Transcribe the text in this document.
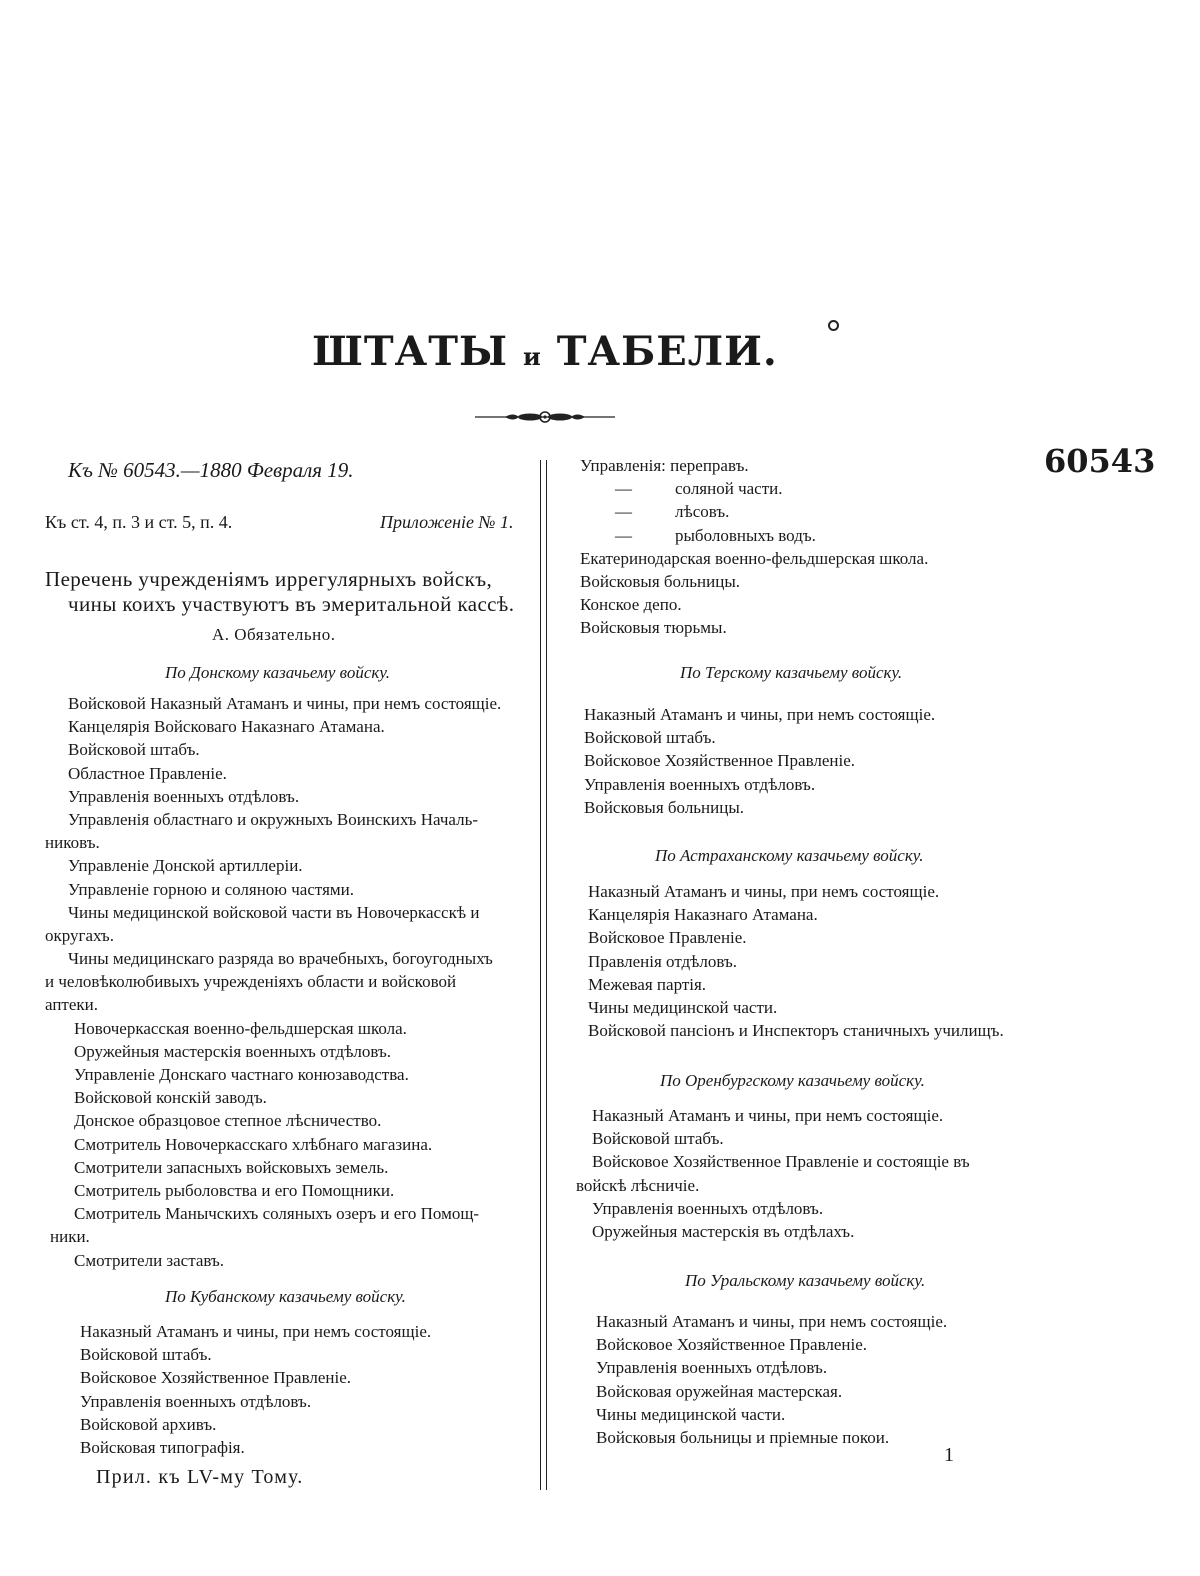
ШТАТЫ и ТАБЕЛИ.
60543
Къ № 60543.—1880 Февраля 19.
Къ ст. 4, п. 3 и ст. 5, п. 4.	Приложеніе № 1.
Перечень учрежденіямъ иррегулярныхъ войскъ,
чины коихъ участвуютъ въ эмеритальной кассѣ.
А. Обязательно.
По Донскому казачьему войску.
Войсковой Наказный Атаманъ и чины, при немъ состоящіе.
Канцелярія Войсковаго Наказнаго Атамана.
Войсковой штабъ.
Областное Правленіе.
Управленія военныхъ отдѣловъ.
Управленія областнаго и окружныхъ Воинскихъ Началь-
никовъ.
Управленіе Донской артиллеріи.
Управленіе горною и соляною частями.
Чины медицинской войсковой части въ Новочеркасскѣ и
округахъ.
Чины медицинскаго разряда во врачебныхъ, богоугодныхъ
и человѣколюбивыхъ учрежденіяхъ области и войсковой
аптеки.
Новочеркасская военно-фельдшерская школа.
Оружейныя мастерскія военныхъ отдѣловъ.
Управленіе Донскаго частнаго конюзаводства.
Войсковой конскій заводъ.
Донское образцовое степное лѣсничество.
Смотритель Новочеркасскаго хлѣбнаго магазина.
Смотрители запасныхъ войсковыхъ земель.
Смотритель рыболовства и его Помощники.
Смотритель Манычскихъ соляныхъ озеръ и его Помощ-
ники.
Смотрители заставъ.
По Кубанскому казачьему войску.
Наказный Атаманъ и чины, при немъ состоящіе.
Войсковой штабъ.
Войсковое Хозяйственное Правленіе.
Управленія военныхъ отдѣловъ.
Войсковой архивъ.
Войсковая типографія.
Прил. къ LV-му Тому.
Управленія: переправъ.
—	соляной части.
—	лѣсовъ.
—	рыболовныхъ водъ.
Екатеринодарская военно-фельдшерская школа.
Войсковыя больницы.
Конское депо.
Войсковыя тюрьмы.
По Терскому казачьему войску.
Наказный Атаманъ и чины, при немъ состоящіе.
Войсковой штабъ.
Войсковое Хозяйственное Правленіе.
Управленія военныхъ отдѣловъ.
Войсковыя больницы.
По Астраханскому казачьему войску.
Наказный Атаманъ и чины, при немъ состоящіе.
Канцелярія Наказнаго Атамана.
Войсковое Правленіе.
Правленія отдѣловъ.
Межевая партія.
Чины медицинской части.
Войсковой пансіонъ и Инспекторъ станичныхъ училищъ.
По Оренбургскому казачьему войску.
Наказный Атаманъ и чины, при немъ состоящіе.
Войсковой штабъ.
Войсковое Хозяйственное Правленіе и состоящіе въ
войскѣ лѣсничіе.
Управленія военныхъ отдѣловъ.
Оружейныя мастерскія въ отдѣлахъ.
По Уральскому казачьему войску.
Наказный Атаманъ и чины, при немъ состоящіе.
Войсковое Хозяйственное Правленіе.
Управленія военныхъ отдѣловъ.
Войсковая оружейная мастерская.
Чины медицинской части.
Войсковыя больницы и пріемные покои.
1
